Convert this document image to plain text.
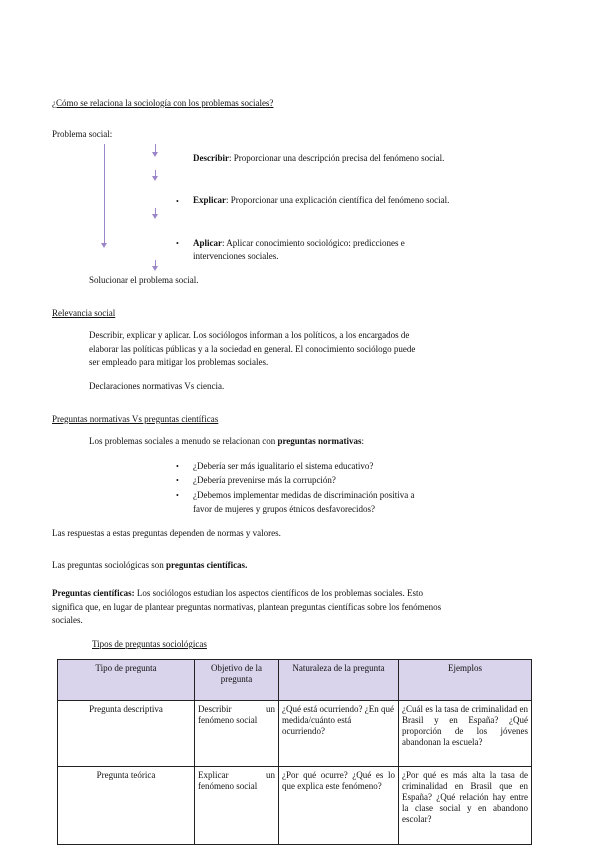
¿Cómo se relaciona la sociología con los problemas sociales?
Problema social:
Describir: Proporcionar una descripción precisa del fenómeno social.
• Explicar: Proporcionar una explicación científica del fenómeno social.
• Aplicar: Aplicar conocimiento sociológico: predicciones e
intervenciones sociales.
Solucionar el problema social.
Relevancia social
Describir, explicar y aplicar. Los sociólogos informan a los políticos, a los encargados de
elaborar las políticas públicas y a la sociedad en general. El conocimiento sociólogo puede
ser empleado para mitigar los problemas sociales.
Declaraciones normativas Vs ciencia.
Preguntas normativas Vs preguntas científicas
Los problemas sociales a menudo se relacionan con preguntas normativas:
• ¿Debería ser más igualitario el sistema educativo?
• ¿Debería prevenirse más la corrupción?
• ¿Debemos implementar medidas de discriminación positiva a
favor de mujeres y grupos étnicos desfavorecidos?
Las respuestas a estas preguntas dependen de normas y valores.
Las preguntas sociológicas son preguntas científicas.
Preguntas científicas: Los sociólogos estudian los aspectos científicos de los problemas sociales. Esto
significa que, en lugar de plantear preguntas normativas, plantean preguntas científicas sobre los fenómenos
sociales.
Tipos de preguntas sociológicas
Tipo de pregunta	Objetivo de la pregunta	Naturaleza de la pregunta	Ejemplos
Pregunta descriptiva	Describir un fenómeno social	¿Qué está ocurriendo? ¿En qué medida/cuánto está ocurriendo?	¿Cuál es la tasa de criminalidad en Brasil y en España? ¿Qué proporción de los jóvenes abandonan la escuela?
Pregunta teórica	Explicar un fenómeno social	¿Por qué ocurre? ¿Qué es lo que explica este fenómeno?	¿Por qué es más alta la tasa de criminalidad en Brasil que en España? ¿Qué relación hay entre la clase social y en abandono escolar?
